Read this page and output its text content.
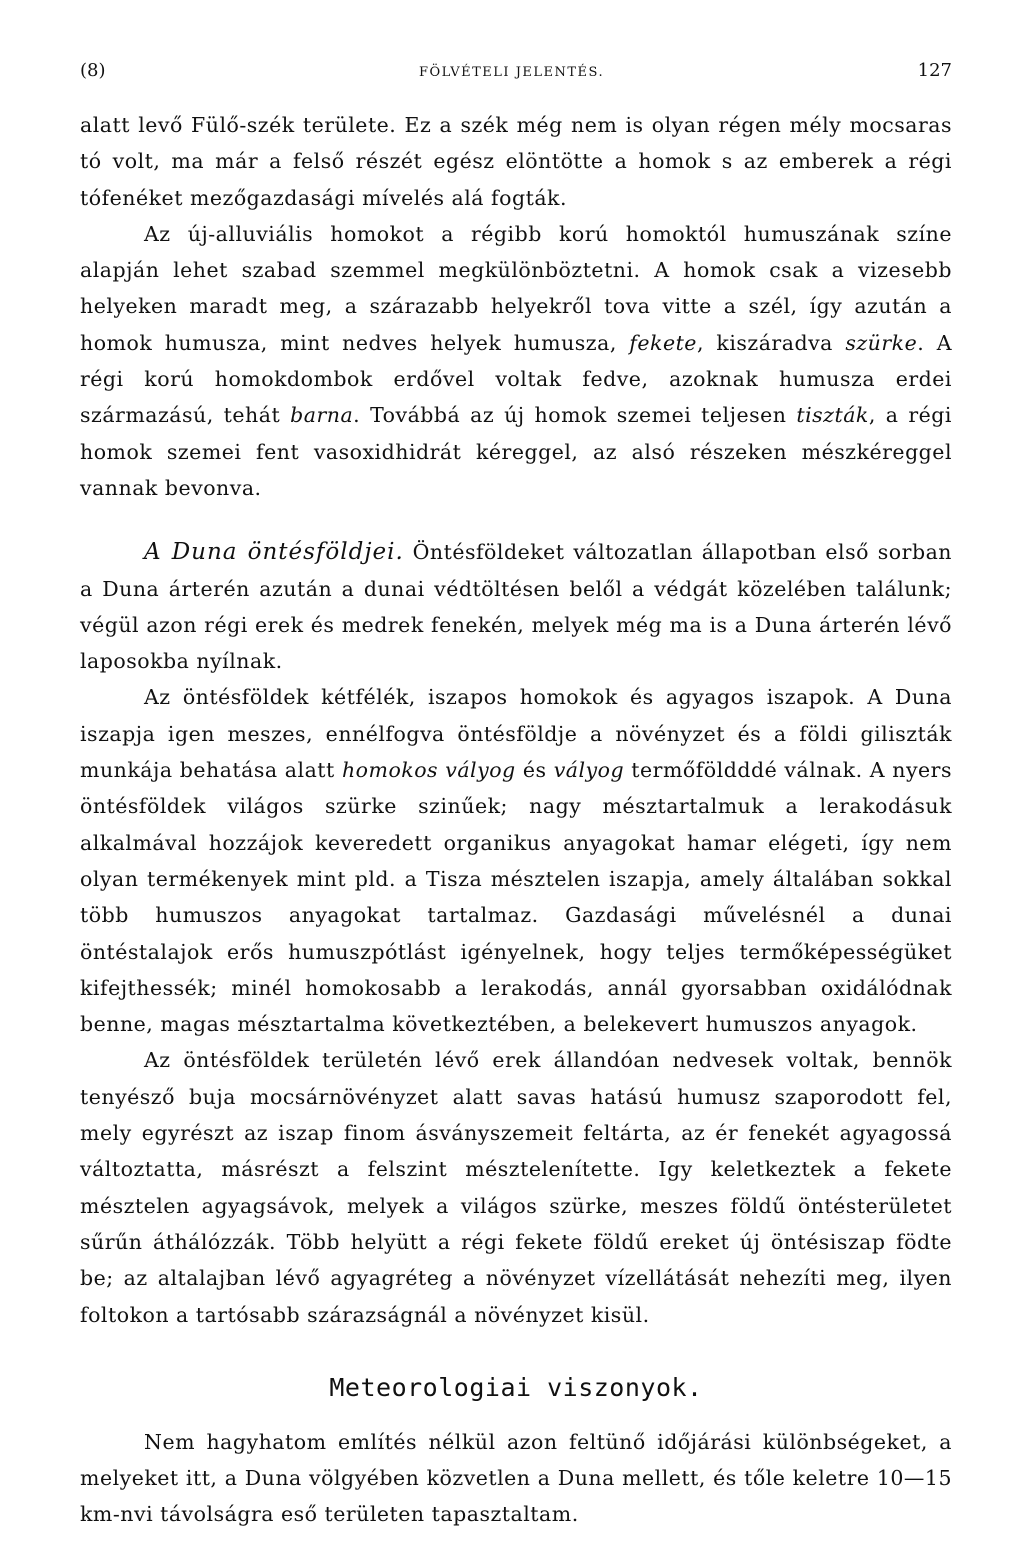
(8)	FÖLVÉTELI JELENTÉS.	127

alatt levő Fülő-szék területe. Ez a szék még nem is olyan régen mély mocsaras tó volt, ma már a felső részét egész elöntötte a homok s az emberek a régi tófenéket mezőgazdasági mívelés alá fogták.

Az új-alluviális homokot a régibb korú homoktól humuszának színe alapján lehet szabad szemmel megkülönböztetni. A homok csak a vizesebb helyeken maradt meg, a szárazabb helyekről tova vitte a szél, így azután a homok humusza, mint nedves helyek humusza, fekete, kiszáradva szürke. A régi korú homokdombok erdővel voltak fedve, azoknak humusza erdei származású, tehát barna. Továbbá az új homok szemei teljesen tiszták, a régi homok szemei fent vasoxidhidrát kéreggel, az alsó részeken mészkéreggel vannak bevonva.

A Duna öntésföldjei. Öntésföldeket változatlan állapotban első sorban a Duna árterén azután a dunai védtöltésen belől a védgát közelében találunk; végül azon régi erek és medrek fenekén, melyek még ma is a Duna árterén lévő laposokba nyílnak.

Az öntésföldek kétfélék, iszapos homokok és agyagos iszapok. A Duna iszapja igen meszes, ennélfogva öntésföldje a növényzet és a földi giliszták munkája behatása alatt homokos vályog és vályog termőföldddé válnak. A nyers öntésföldek világos szürke szinűek; nagy mésztartalmuk a lerakodásuk alkalmával hozzájok keveredett organikus anyagokat hamar elégeti, így nem olyan termékenyek mint pld. a Tisza mésztelen iszapja, amely általában sokkal több humuszos anyagokat tartalmaz. Gazdasági művelésnél a dunai öntéstalajok erős humuszpótlást igényelnek, hogy teljes termőképességüket kifejthessék; minél homokosabb a lerakodás, annál gyorsabban oxidálódnak benne, magas mésztartalma következtében, a belekevert humuszos anyagok.

Az öntésföldek területén lévő erek állandóan nedvesek voltak, bennök tenyésző buja mocsárnövényzet alatt savas hatású humusz szaporodott fel, mely egyrészt az iszap finom ásványszemeit feltárta, az ér fenekét agyagossá változtatta, másrészt a felszint mésztelenítette. Igy keletkeztek a fekete mésztelen agyagsávok, melyek a világos szürke, meszes földű öntésterületet sűrűn áthálózzák. Több helyütt a régi fekete földű ereket új öntésiszap födte be; az altalajban lévő agyagréteg a növényzet vízellátását nehezíti meg, ilyen foltokon a tartósabb szárazságnál a növényzet kisül.

Meteorologiai viszonyok.

Nem hagyhatom említés nélkül azon feltünő időjárási különbségeket, a melyeket itt, a Duna völgyében közvetlen a Duna mellett, és tőle keletre 10—15 km-nvi távolságra eső területen tapasztaltam.
